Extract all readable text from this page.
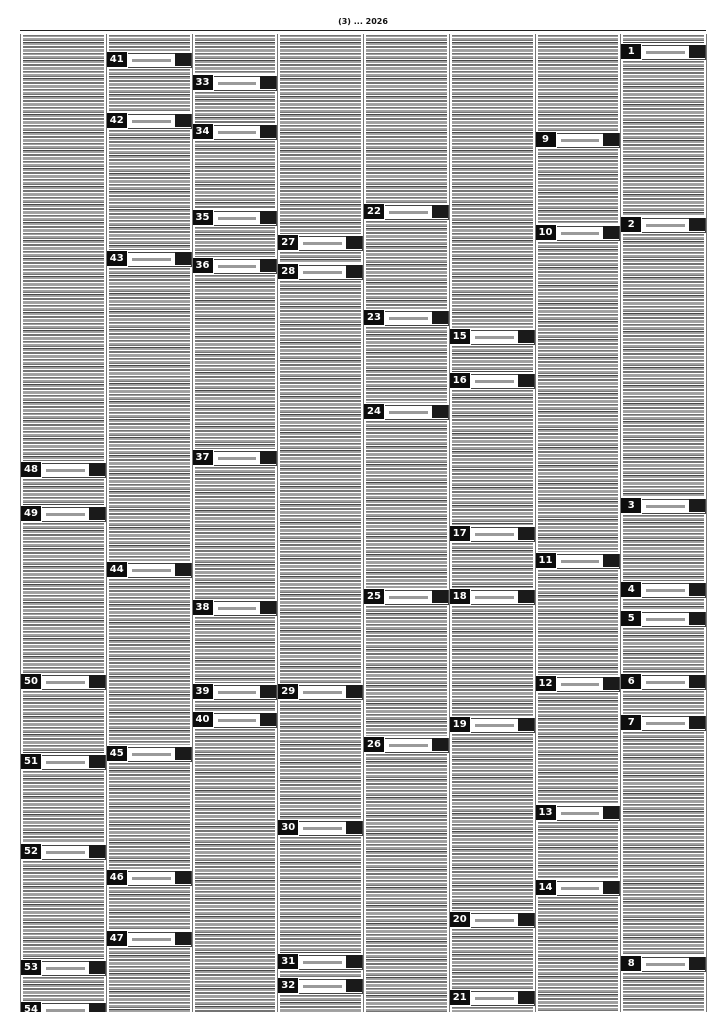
(3) ... 2026
48
49
50
51
52
53
54
41
42
43
44
45
46
47
33
34
35
36
37
38
39
40
27
28
29
30
31
32
22
23
24
25
26
15
16
17
18
19
20
21
9
10
11
12
13
14
1
2
3
4
5
6
7
8
